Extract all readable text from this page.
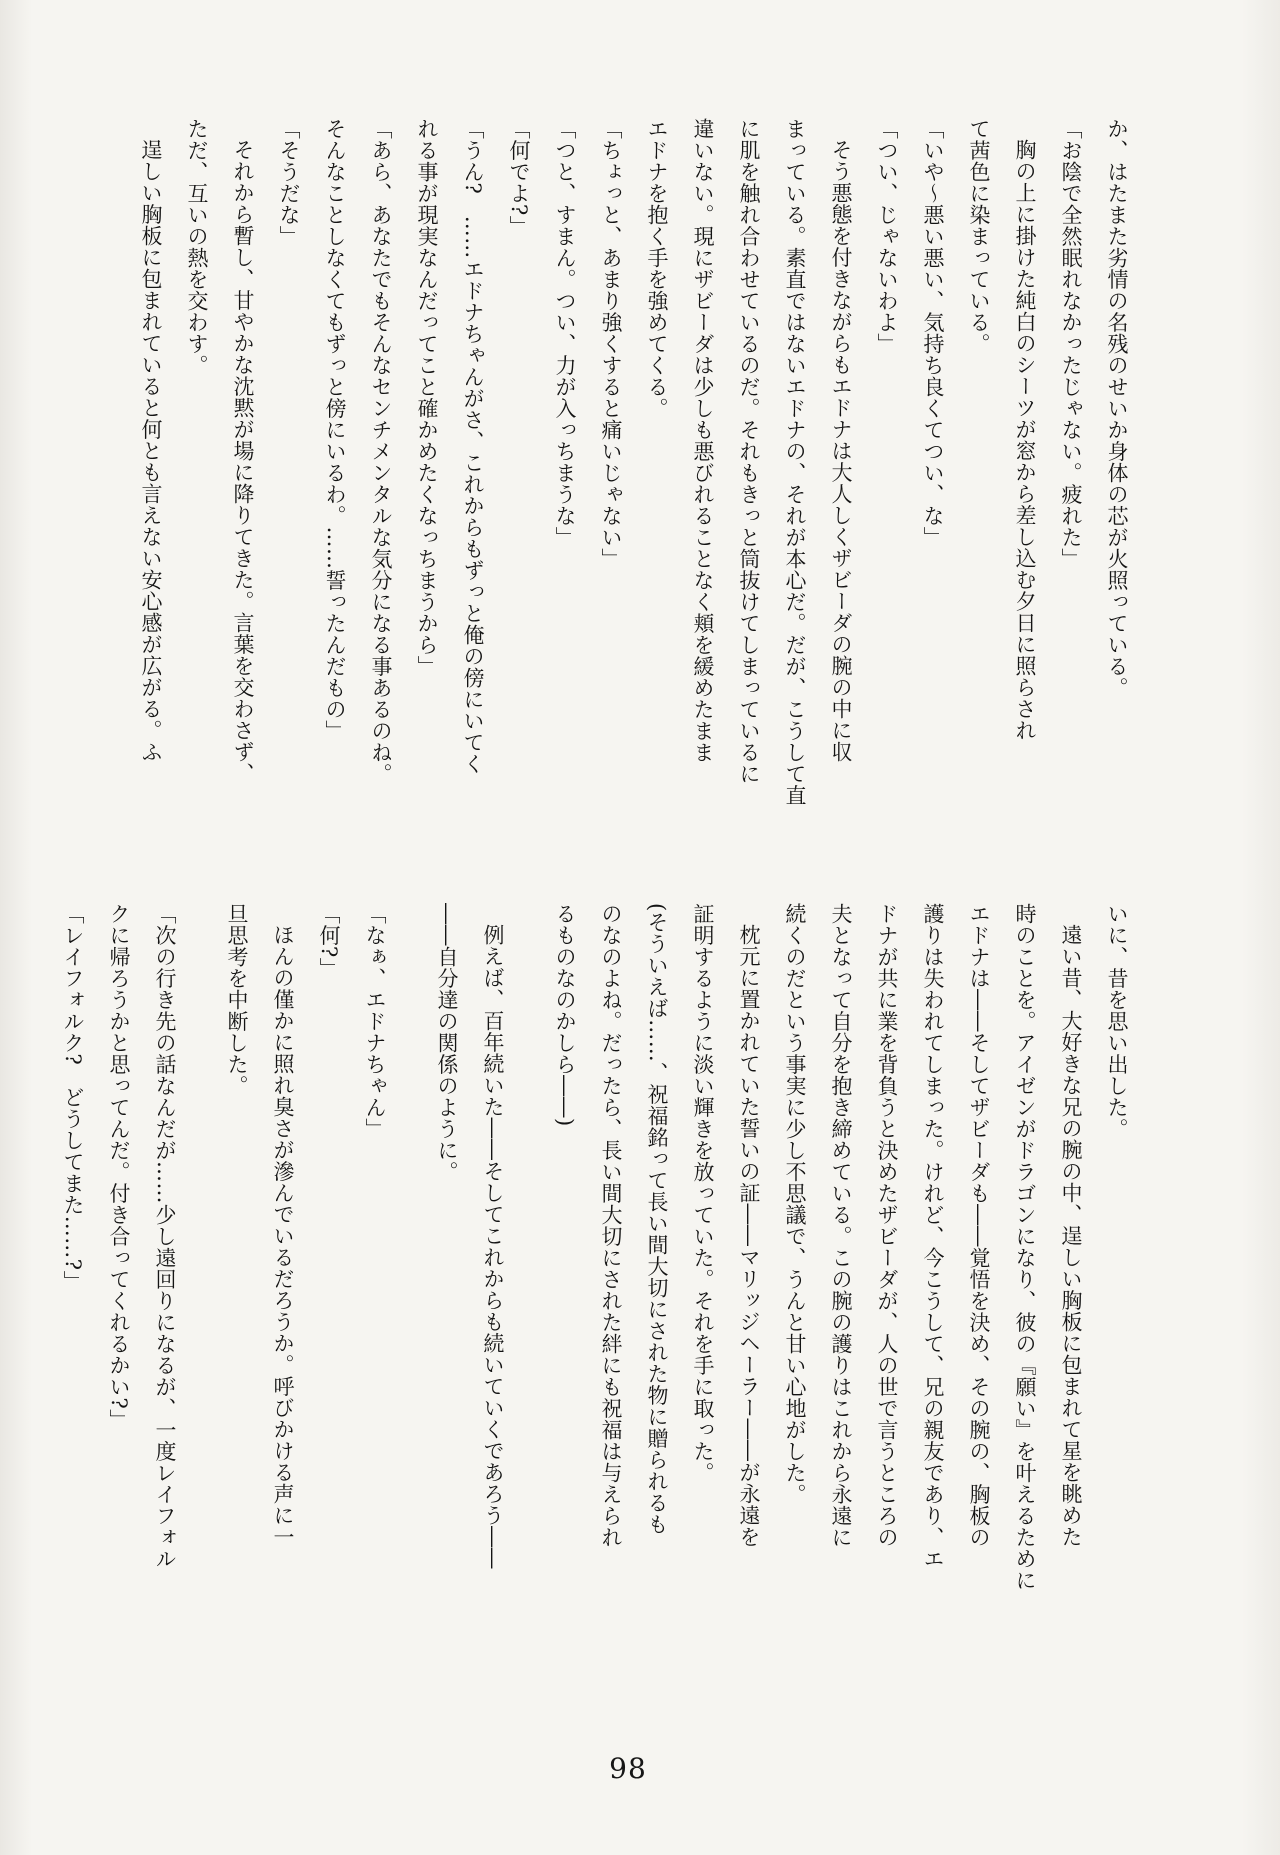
か、はたまた劣情の名残のせいか身体の芯が火照っている。
「お陰で全然眠れなかったじゃない。疲れた」
胸の上に掛けた純白のシーツが窓から差し込む夕日に照らされ
て茜色に染まっている。
「いや〜悪い悪い、気持ち良くてつい、な」
「つい、じゃないわよ」
そう悪態を付きながらもエドナは大人しくザビーダの腕の中に収
まっている。素直ではないエドナの、それが本心だ。だが、こうして直
に肌を触れ合わせているのだ。それもきっと筒抜けてしまっているに
違いない。現にザビーダは少しも悪びれることなく頬を緩めたまま
エドナを抱く手を強めてくる。
「ちょっと、あまり強くすると痛いじゃない」
「つと、すまん。つい、力が入っちまうな」
「何でよ?」
「うん?　……エドナちゃんがさ、これからもずっと俺の傍にいてく
れる事が現実なんだってこと確かめたくなっちまうから」
「あら、あなたでもそんなセンチメンタルな気分になる事あるのね。
そんなことしなくてもずっと傍にいるわ。……誓ったんだもの」
「そうだな」
それから暫し、甘やかな沈黙が場に降りてきた。言葉を交わさず、
ただ、互いの熱を交わす。
逞しい胸板に包まれていると何とも言えない安心感が広がる。ふ
いに、昔を思い出した。
遠い昔、大好きな兄の腕の中、逞しい胸板に包まれて星を眺めた
時のことを。アイゼンがドラゴンになり、彼の『願い』を叶えるために
エドナは――そしてザビーダも――覚悟を決め、その腕の、胸板の
護りは失われてしまった。けれど、今こうして、兄の親友であり、エ
ドナが共に業を背負うと決めたザビーダが、人の世で言うところの
夫となって自分を抱き締めている。この腕の護りはこれから永遠に
続くのだという事実に少し不思議で、うんと甘い心地がした。
枕元に置かれていた誓いの証――マリッジヘーラー――が永遠を
証明するように淡い輝きを放っていた。それを手に取った。
(そういえば……、祝福銘って長い間大切にされた物に贈られるも
のなのよね。だったら、長い間大切にされた絆にも祝福は与えられ
るものなのかしら――)
例えば、百年続いた――そしてこれからも続いていくであろう――
――自分達の関係のように。
「なぁ、エドナちゃん」
「何?」
ほんの僅かに照れ臭さが滲んでいるだろうか。呼びかける声に一
旦思考を中断した。
「次の行き先の話なんだが……少し遠回りになるが、一度レイフォル
クに帰ろうかと思ってんだ。付き合ってくれるかい?」
「レイフォルク?　どうしてまた……?」
98
